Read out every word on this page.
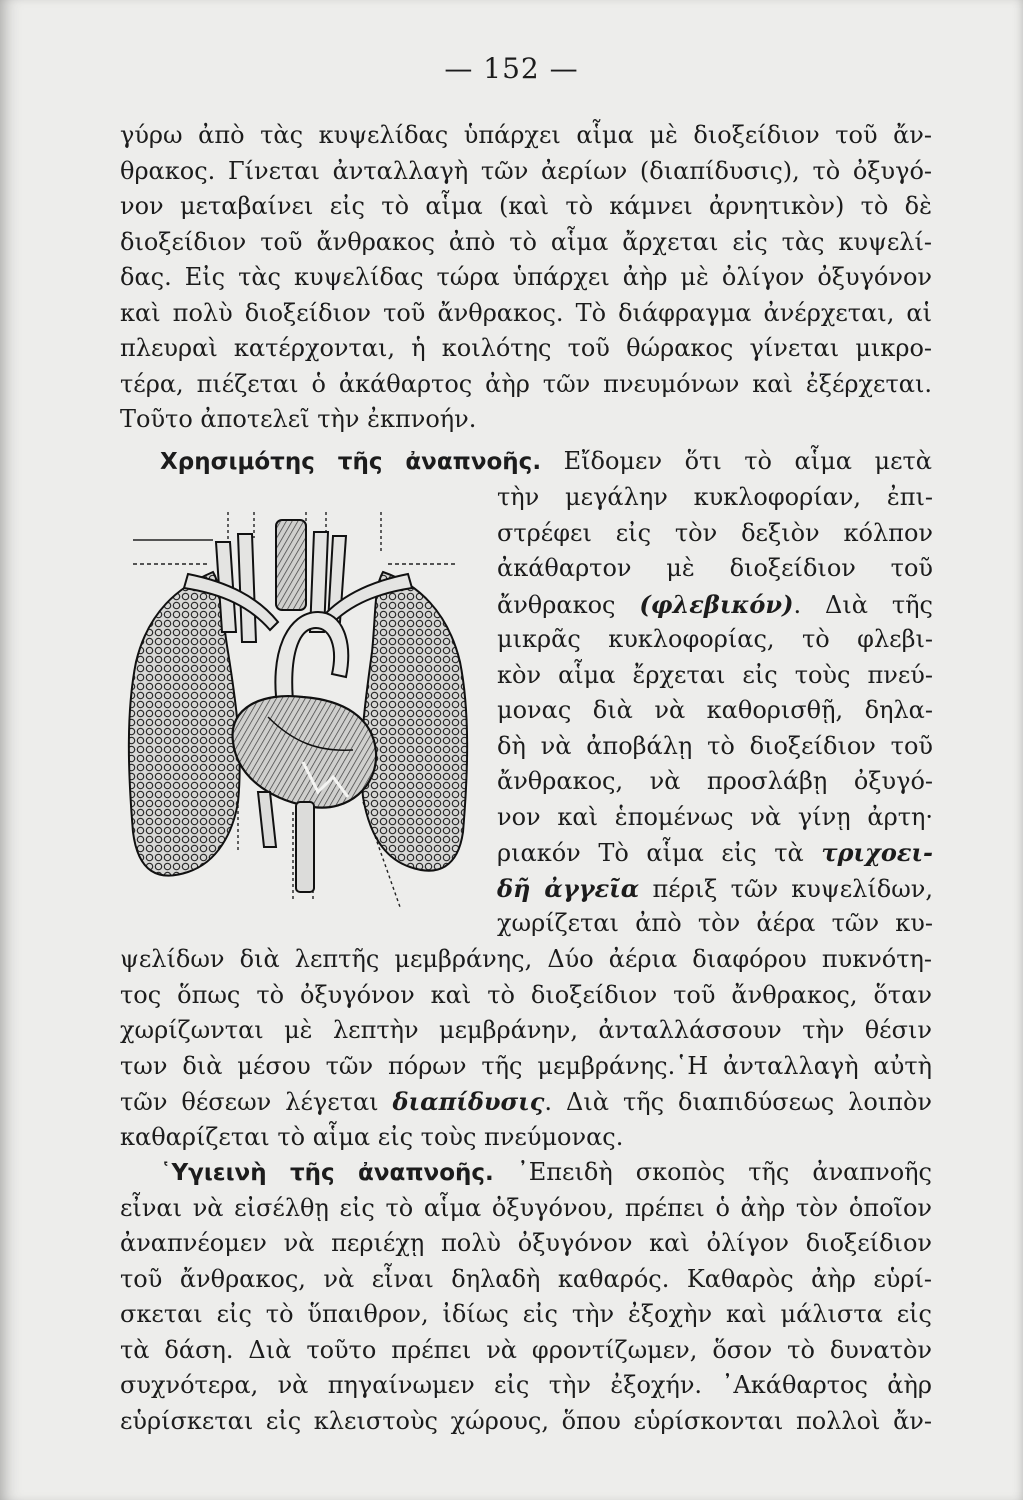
— 152 —
γύρω ἀπὸ τὰς κυψελίδας ὑπάρχει αἷμα μὲ διοξείδιον τοῦ ἄν-
θρακος. Γίνεται ἀνταλλαγὴ τῶν ἀερίων (διαπίδυσις), τὸ ὀξυγό-
νον μεταβαίνει εἰς τὸ αἷμα (καὶ τὸ κάμνει ἀρνητικὸν) τὸ δὲ
διοξείδιον τοῦ ἄνθρακος ἀπὸ τὸ αἷμα ἄρχεται εἰς τὰς κυψελί-
δας. Εἰς τὰς κυψελίδας τώρα ὑπάρχει ἀὴρ μὲ ὀλίγον ὀξυγόνον
καὶ πολὺ διοξείδιον τοῦ ἄνθρακος. Τὸ διάφραγμα ἀνέρχεται, αἱ
πλευραὶ κατέρχονται, ἡ κοιλότης τοῦ θώρακος γίνεται μικρο-
τέρα, πιέζεται ὁ ἀκάθαρτος ἀὴρ τῶν πνευμόνων καὶ ἐξέρχεται.
Τοῦτο ἀποτελεῖ τὴν ἐκπνοήν.
Χρησιμότης τῆς ἀναπνοῆς. Εἴδομεν ὅτι τὸ αἷμα μετὰ
τὴν μεγάλην κυκλοφορίαν, ἐπι-
στρέφει εἰς τὸν δεξιὸν κόλπον
ἀκάθαρτον μὲ διοξείδιον τοῦ
ἄνθρακος (φλεβικόν). Διὰ τῆς
μικρᾶς κυκλοφορίας, τὸ φλεβι-
κὸν αἷμα ἔρχεται εἰς τοὺς πνεύ-
μονας διὰ νὰ καθορισθῇ, δηλα-
δὴ νὰ ἀποβάλῃ τὸ διοξείδιον τοῦ
ἄνθρακος, νὰ προσλάβῃ ὀξυγό-
νον καὶ ἑπομένως νὰ γίνῃ ἀρτη·
ριακόν Τὸ αἷμα εἰς τὰ τριχοει-
δῆ ἀγγεῖα πέριξ τῶν κυψελίδων,
χωρίζεται ἀπὸ τὸν ἀέρα τῶν κυ-
ψελίδων διὰ λεπτῆς μεμβράνης, Δύο ἀέρια διαφόρου πυκνότη-
τος ὅπως τὸ ὀξυγόνον καὶ τὸ διοξείδιον τοῦ ἄνθρακος, ὅταν
χωρίζωνται μὲ λεπτὴν μεμβράνην, ἀνταλλάσσουν τὴν θέσιν
των διὰ μέσου τῶν πόρων τῆς μεμβράνης.῾Η ἀνταλλαγὴ αὐτὴ
τῶν θέσεων λέγεται διαπίδυσις. Διὰ τῆς διαπιδύσεως λοιπὸν
καθαρίζεται τὸ αἷμα εἰς τοὺς πνεύμονας.
῾Υγιεινὴ τῆς ἀναπνοῆς. ᾿Επειδὴ σκοπὸς τῆς ἀναπνοῆς
εἶναι νὰ εἰσέλθῃ εἰς τὸ αἷμα ὀξυγόνου, πρέπει ὁ ἀὴρ τὸν ὁποῖον
ἀναπνέομεν νὰ περιέχῃ πολὺ ὀξυγόνον καὶ ὀλίγον διοξείδιον
τοῦ ἄνθρακος, νὰ εἶναι δηλαδὴ καθαρός. Καθαρὸς ἀὴρ εὑρί-
σκεται εἰς τὸ ὕπαιθρον, ἰδίως εἰς τὴν ἐξοχὴν καὶ μάλιστα εἰς
τὰ δάση. Διὰ τοῦτο πρέπει νὰ φροντίζωμεν, ὅσον τὸ δυνατὸν
συχνότερα, νὰ πηγαίνωμεν εἰς τὴν ἐξοχήν. ᾿Ακάθαρτος ἀὴρ
εὑρίσκεται εἰς κλειστοὺς χώρους, ὅπου εὑρίσκονται πολλοὶ ἄν-
